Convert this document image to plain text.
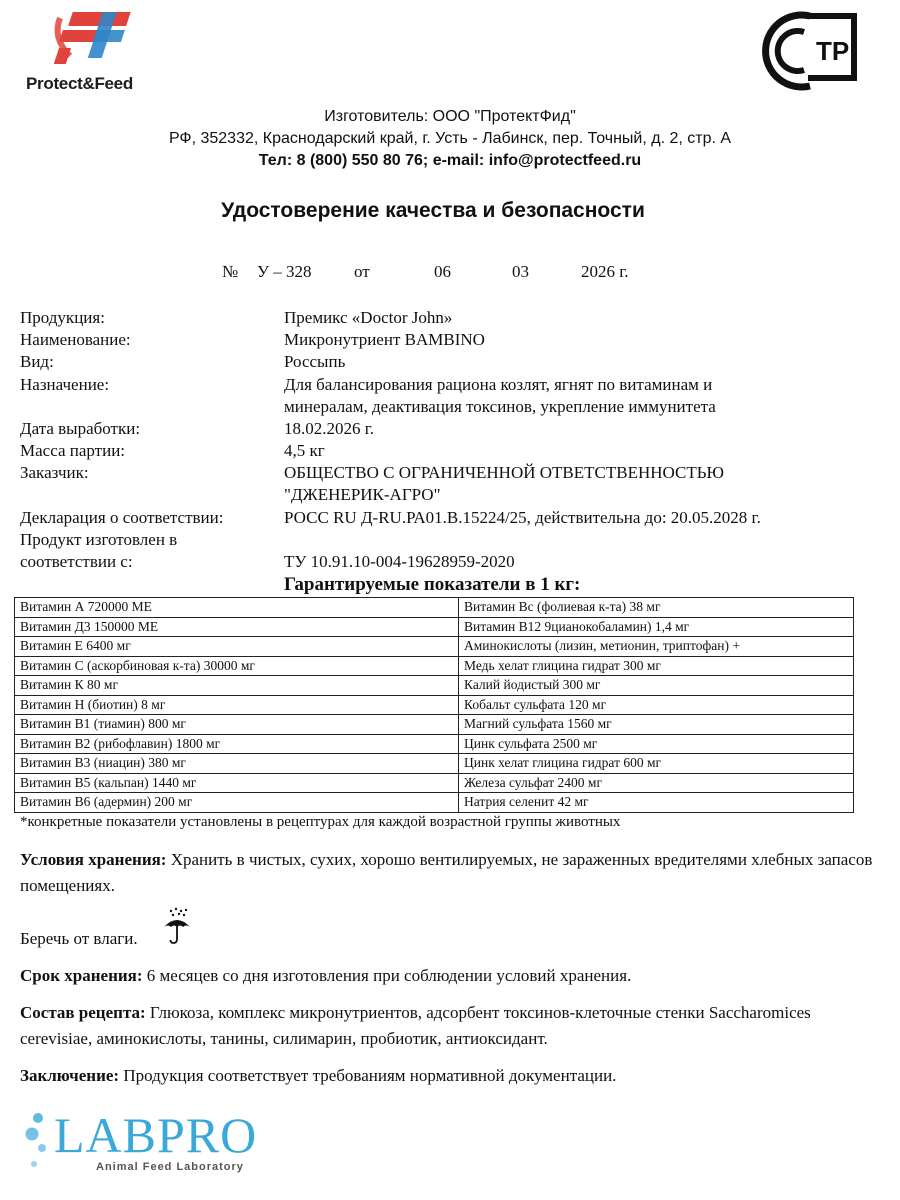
Protect&Feed
ТР
Изготовитель: ООО "ПротектФид"
РФ, 352332, Краснодарский край, г. Усть - Лабинск, пер. Точный, д. 2, стр. А
Тел: 8 (800) 550 80 76; e-mail: info@protectfeed.ru
Удостоверение качества и безопасности
№ У – 328 от	06	03	2026 г.
Продукция:	Премикс «Doctor John»
Наименование:	Микронутриент BAMBINO
Вид:	Россыпь
Назначение:	Для балансирования рациона козлят, ягнят по витаминам и
минералам, деактивация токсинов, укрепление иммунитета
Дата выработки:	18.02.2026 г.
Масса партии:	4,5 кг
Заказчик:	ОБЩЕСТВО С ОГРАНИЧЕННОЙ ОТВЕТСТВЕННОСТЬЮ
"ДЖЕНЕРИК-АГРО"
Декларация о соответствии:	РОСС RU Д-RU.РА01.В.15224/25, действительна до: 20.05.2028 г.
Продукт изготовлен в
соответствии с:	ТУ 10.91.10-004-19628959-2020
Гарантируемые показатели в 1 кг:
Витамин А 720000 МЕ	Витамин Вс (фолиевая к-та) 38 мг
Витамин Д3 150000 МЕ	Витамин В12 9цианокобаламин) 1,4 мг
Витамин Е 6400 мг	Аминокислоты (лизин, метионин, триптофан) +
Витамин С (аскорбиновая к-та) 30000 мг	Медь хелат глицина гидрат 300 мг
Витамин К 80 мг	Калий йодистый 300 мг
Витамин Н (биотин) 8 мг	Кобальт сульфата 120 мг
Витамин В1 (тиамин) 800 мг	Магний сульфата 1560 мг
Витамин В2 (рибофлавин) 1800 мг	Цинк сульфата 2500 мг
Витамин В3 (ниацин) 380 мг	Цинк хелат глицина гидрат 600 мг
Витамин В5 (кальпан) 1440 мг	Железа сульфат 2400 мг
Витамин В6 (адермин) 200 мг	Натрия селенит 42 мг
*конкретные показатели установлены в рецептурах для каждой возрастной группы животных
Условия хранения: Хранить в чистых, сухих, хорошо вентилируемых, не зараженных вредителями хлебных запасов помещениях.
Беречь от влаги.
Срок хранения: 6 месяцев со дня изготовления при соблюдении условий хранения.
Состав рецепта: Глюкоза, комплекс микронутриентов, адсорбент токсинов-клеточные стенки Saccharomices cerevisiae, аминокислоты, танины, силимарин, пробиотик, антиоксидант.
Заключение: Продукция соответствует требованиям нормативной документации.
LABPRO
Animal Feed Laboratory
